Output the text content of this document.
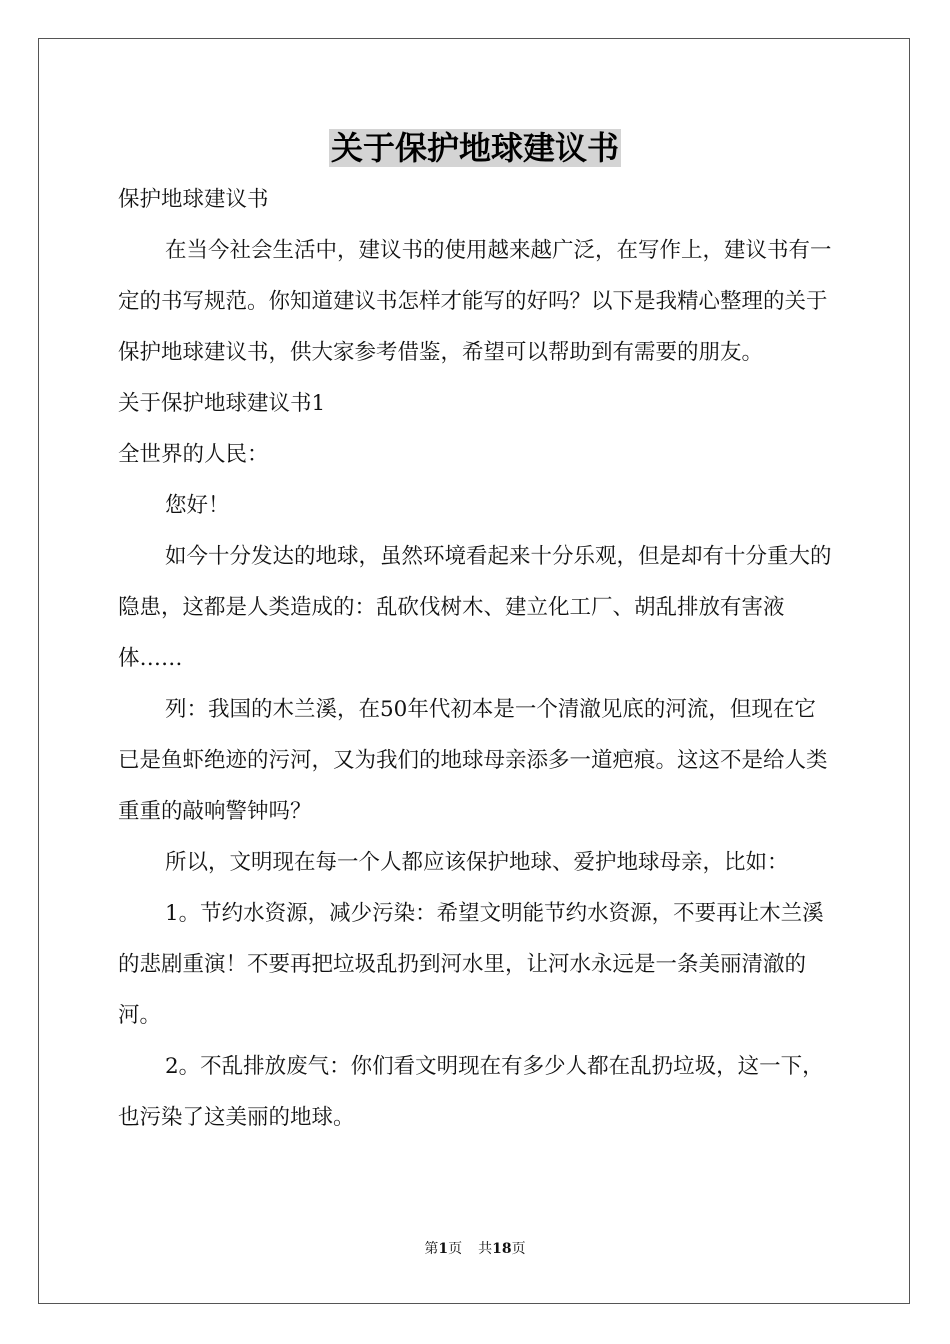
关于保护地球建议书

保护地球建议书

在当今社会生活中，建议书的使用越来越广泛，在写作上，建议书有一定的书写规范。你知道建议书怎样才能写的好吗？以下是我精心整理的关于保护地球建议书，供大家参考借鉴，希望可以帮助到有需要的朋友。

关于保护地球建议书1

全世界的人民：

您好！

如今十分发达的地球，虽然环境看起来十分乐观，但是却有十分重大的隐患，这都是人类造成的：乱砍伐树木、建立化工厂、胡乱排放有害液体……

列：我国的木兰溪，在50年代初本是一个清澈见底的河流，但现在它已是鱼虾绝迹的污河，又为我们的地球母亲添多一道疤痕。这这不是给人类重重的敲响警钟吗？

所以，文明现在每一个人都应该保护地球、爱护地球母亲，比如：

1。节约水资源，减少污染：希望文明能节约水资源，不要再让木兰溪的悲剧重演！不要再把垃圾乱扔到河水里，让河水永远是一条美丽清澈的河。

2。不乱排放废气：你们看文明现在有多少人都在乱扔垃圾，这一下，也污染了这美丽的地球。

第1页 共18页
